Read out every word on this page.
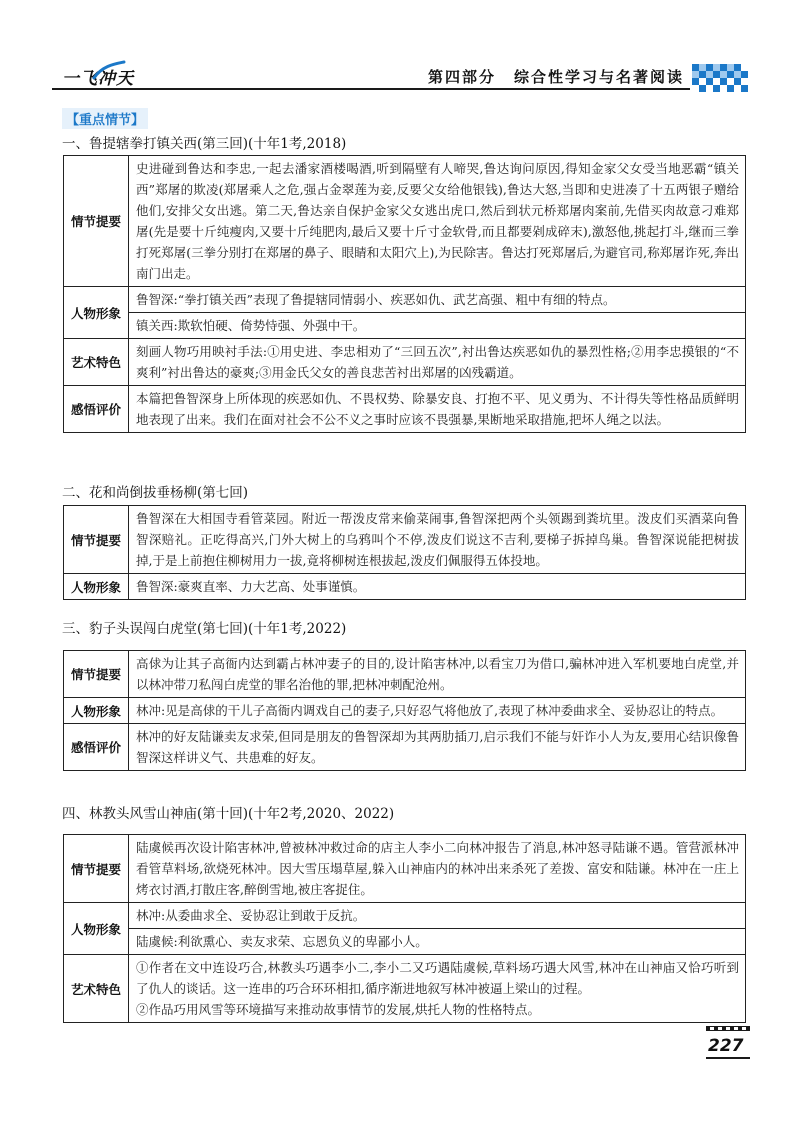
一飞冲天	第四部分 综合性学习与名著阅读
【重点情节】
一、鲁提辖拳打镇关西(第三回)(十年1考,2018)
情节提要	史进碰到鲁达和李忠,一起去潘家酒楼喝酒,听到隔壁有人啼哭,鲁达询问原因,得知金家父女受当地恶霸“镇关西”郑屠的欺凌(郑屠乘人之危,强占金翠莲为妾,反要父女给他银钱),鲁达大怒,当即和史进凑了十五两银子赠给他们,安排父女出逃。第二天,鲁达亲自保护金家父女逃出虎口,然后到状元桥郑屠肉案前,先借买肉故意刁难郑屠(先是要十斤纯瘦肉,又要十斤纯肥肉,最后又要十斤寸金软骨,而且都要剁成碎末),激怒他,挑起打斗,继而三拳打死郑屠(三拳分别打在郑屠的鼻子、眼睛和太阳穴上),为民除害。鲁达打死郑屠后,为避官司,称郑屠诈死,奔出南门出走。
人物形象	鲁智深:“拳打镇关西”表现了鲁提辖同情弱小、疾恶如仇、武艺高强、粗中有细的特点。
	镇关西:欺软怕硬、倚势恃强、外强中干。
艺术特色	刻画人物巧用映衬手法:①用史进、李忠相劝了“三回五次”,衬出鲁达疾恶如仇的暴烈性格;②用李忠摸银的“不爽利”衬出鲁达的豪爽;③用金氏父女的善良悲苦衬出郑屠的凶残霸道。
感悟评价	本篇把鲁智深身上所体现的疾恶如仇、不畏权势、除暴安良、打抱不平、见义勇为、不计得失等性格品质鲜明地表现了出来。我们在面对社会不公不义之事时应该不畏强暴,果断地采取措施,把坏人绳之以法。
二、花和尚倒拔垂杨柳(第七回)
情节提要	鲁智深在大相国寺看管菜园。附近一帮泼皮常来偷菜闹事,鲁智深把两个头领踢到粪坑里。泼皮们买酒菜向鲁智深赔礼。正吃得高兴,门外大树上的乌鸦叫个不停,泼皮们说这不吉利,要梯子拆掉鸟巢。鲁智深说能把树拔掉,于是上前抱住柳树用力一拔,竟将柳树连根拔起,泼皮们佩服得五体投地。
人物形象	鲁智深:豪爽直率、力大艺高、处事谨慎。
三、豹子头误闯白虎堂(第七回)(十年1考,2022)
情节提要	高俅为让其子高衙内达到霸占林冲妻子的目的,设计陷害林冲,以看宝刀为借口,骗林冲进入军机要地白虎堂,并以林冲带刀私闯白虎堂的罪名治他的罪,把林冲刺配沧州。
人物形象	林冲:见是高俅的干儿子高衙内调戏自己的妻子,只好忍气将他放了,表现了林冲委曲求全、妥协忍让的特点。
感悟评价	林冲的好友陆谦卖友求荣,但同是朋友的鲁智深却为其两肋插刀,启示我们不能与奸诈小人为友,要用心结识像鲁智深这样讲义气、共患难的好友。
四、林教头风雪山神庙(第十回)(十年2考,2020、2022)
情节提要	陆虞候再次设计陷害林冲,曾被林冲救过命的店主人李小二向林冲报告了消息,林冲怒寻陆谦不遇。管营派林冲看管草料场,欲烧死林冲。因大雪压塌草屋,躲入山神庙内的林冲出来杀死了差拨、富安和陆谦。林冲在一庄上烤衣讨酒,打散庄客,醉倒雪地,被庄客捉住。
人物形象	林冲:从委曲求全、妥协忍让到敢于反抗。
	陆虞候:利欲熏心、卖友求荣、忘恩负义的卑鄙小人。
艺术特色	①作者在文中连设巧合,林教头巧遇李小二,李小二又巧遇陆虞候,草料场巧遇大风雪,林冲在山神庙又恰巧听到了仇人的谈话。这一连串的巧合环环相扣,循序渐进地叙写林冲被逼上梁山的过程。
②作品巧用风雪等环境描写来推动故事情节的发展,烘托人物的性格特点。
227
